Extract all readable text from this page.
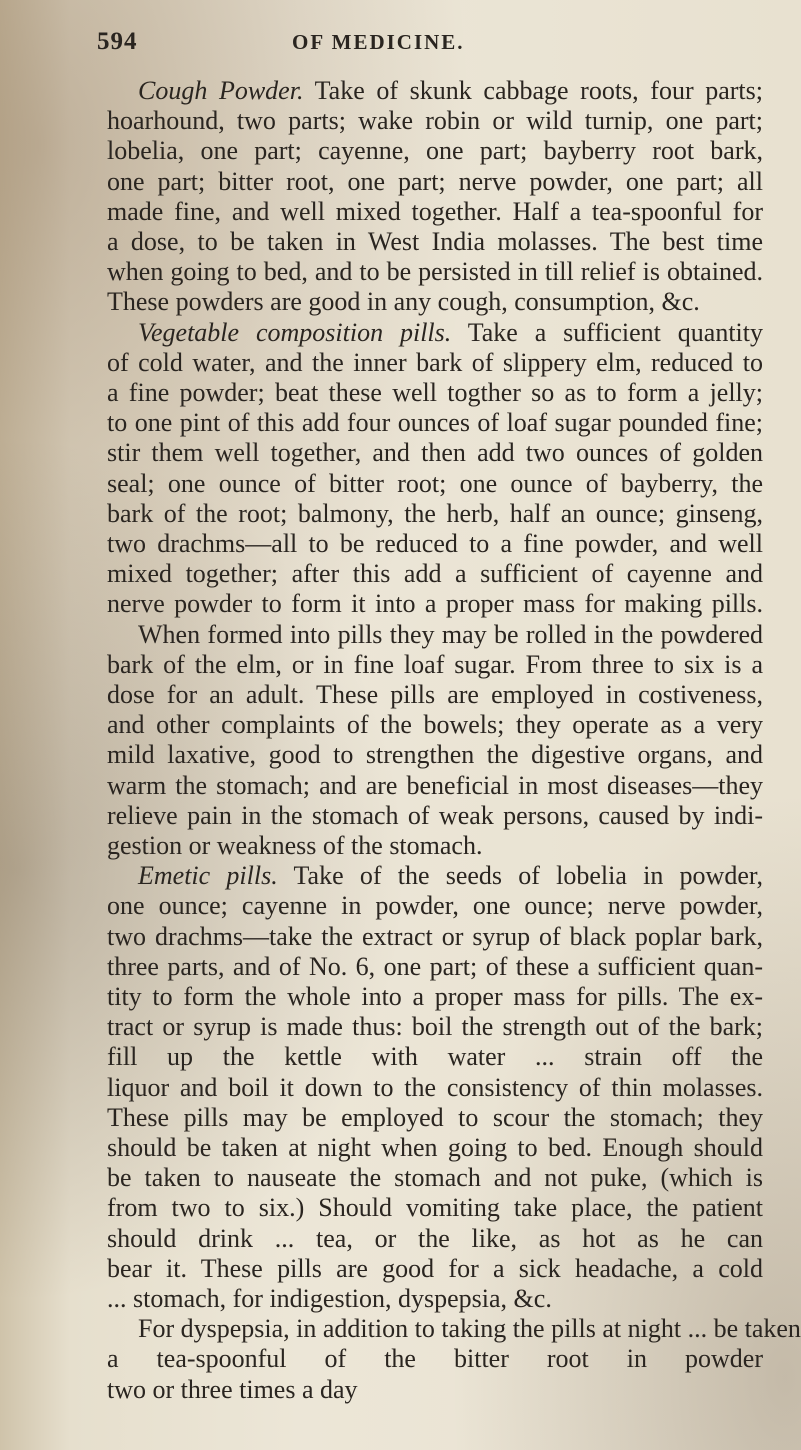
594	OF MEDICINE.
Cough Powder. Take of skunk cabbage roots, four parts;
hoarhound, two parts; wake robin or wild turnip, one part;
lobelia, one part; cayenne, one part; bayberry root bark,
one part; bitter root, one part; nerve powder, one part; all
made fine, and well mixed together. Half a tea-spoonful for
a dose, to be taken in West India molasses. The best time
when going to bed, and to be persisted in till relief is obtained.
These powders are good in any cough, consumption, &c.
Vegetable composition pills. Take a sufficient quantity
of cold water, and the inner bark of slippery elm, reduced to
a fine powder; beat these well togther so as to form a jelly;
to one pint of this add four ounces of loaf sugar pounded fine;
stir them well together, and then add two ounces of golden
seal; one ounce of bitter root; one ounce of bayberry, the
bark of the root; balmony, the herb, half an ounce; ginseng,
two drachms—all to be reduced to a fine powder, and well
mixed together; after this add a sufficient of cayenne and
nerve powder to form it into a proper mass for making pills.
When formed into pills they may be rolled in the powdered
bark of the elm, or in fine loaf sugar. From three to six is a
dose for an adult. These pills are employed in costiveness,
and other complaints of the bowels; they operate as a very
mild laxative, good to strengthen the digestive organs, and
warm the stomach; and are beneficial in most diseases—they
relieve pain in the stomach of weak persons, caused by indi-
gestion or weakness of the stomach.
Emetic pills. Take of the seeds of lobelia in powder,
one ounce; cayenne in powder, one ounce; nerve powder,
two drachms—take the extract or syrup of black poplar bark,
three parts, and of No. 6, one part; of these a sufficient quan-
tity to form the whole into a proper mass for pills. The ex-
tract or syrup is made thus: boil the strength out of the bark;
fill up the kettle with water ... strain off the
liquor and boil it down to the consistency of thin molasses.
These pills may be employed to scour the stomach; they
should be taken at night when going to bed. Enough should
be taken to nauseate the stomach and not puke, (which is
from two to six.) Should vomiting take place, the patient
should drink ... tea, or the like, as hot as he can
bear it. These pills are good for a sick headache, a cold
... stomach, for indigestion, dyspepsia, &c.
For dyspepsia, in addition to taking the pills at night ... be taken
a tea-spoonful of the bitter root in powder
two or three times a day
